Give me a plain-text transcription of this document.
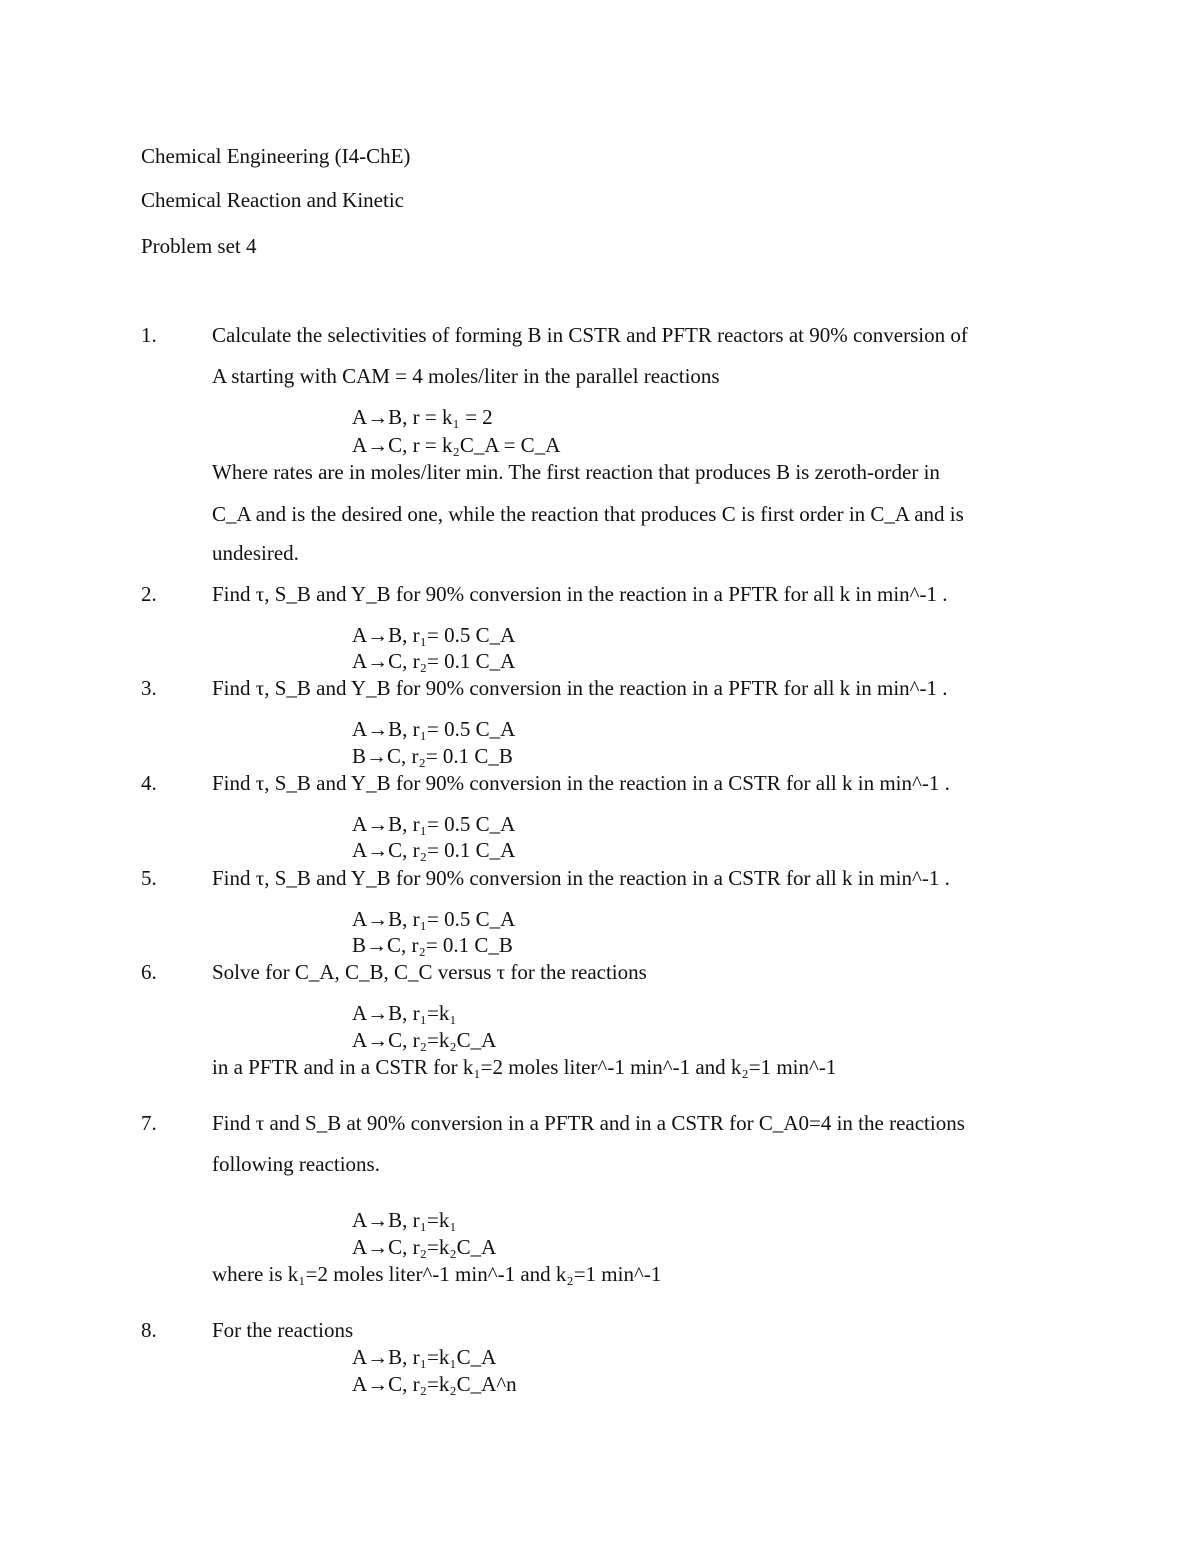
Chemical Engineering (I4-ChE)
Chemical Reaction and Kinetic
Problem set 4
1.	Calculate the selectivities of forming B in CSTR and PFTR reactors at 90% conversion of
A starting with CAM = 4 moles/liter in the parallel reactions
A→B, r = k₁ = 2
A→C, r = k₂C_A = C_A
Where rates are in moles/liter min. The first reaction that produces B is zeroth-order in
C_A and is the desired one, while the reaction that produces C is first order in C_A and is
undesired.
2.	Find τ, S_B and Y_B for 90% conversion in the reaction in a PFTR for all k in min^-1 .
A→B, r₁= 0.5 C_A
A→C, r₂= 0.1 C_A
3.	Find τ, S_B and Y_B for 90% conversion in the reaction in a PFTR for all k in min^-1 .
A→B, r₁= 0.5 C_A
B→C, r₂= 0.1 C_B
4.	Find τ, S_B and Y_B for 90% conversion in the reaction in a CSTR for all k in min^-1 .
A→B, r₁= 0.5 C_A
A→C, r₂= 0.1 C_A
5.	Find τ, S_B and Y_B for 90% conversion in the reaction in a CSTR for all k in min^-1 .
A→B, r₁= 0.5 C_A
B→C, r₂= 0.1 C_B
6.	Solve for C_A, C_B, C_C versus τ for the reactions
A→B, r₁=k₁
A→C, r₂=k₂C_A
in a PFTR and in a CSTR for k₁=2 moles liter^-1 min^-1 and k₂=1 min^-1
7.	Find τ and S_B at 90% conversion in a PFTR and in a CSTR for C_A0=4 in the reactions
following reactions.
A→B, r₁=k₁
A→C, r₂=k₂C_A
where is k₁=2 moles liter^-1 min^-1 and k₂=1 min^-1
8.	For the reactions
A→B, r₁=k₁C_A
A→C, r₂=k₂C_A^n
